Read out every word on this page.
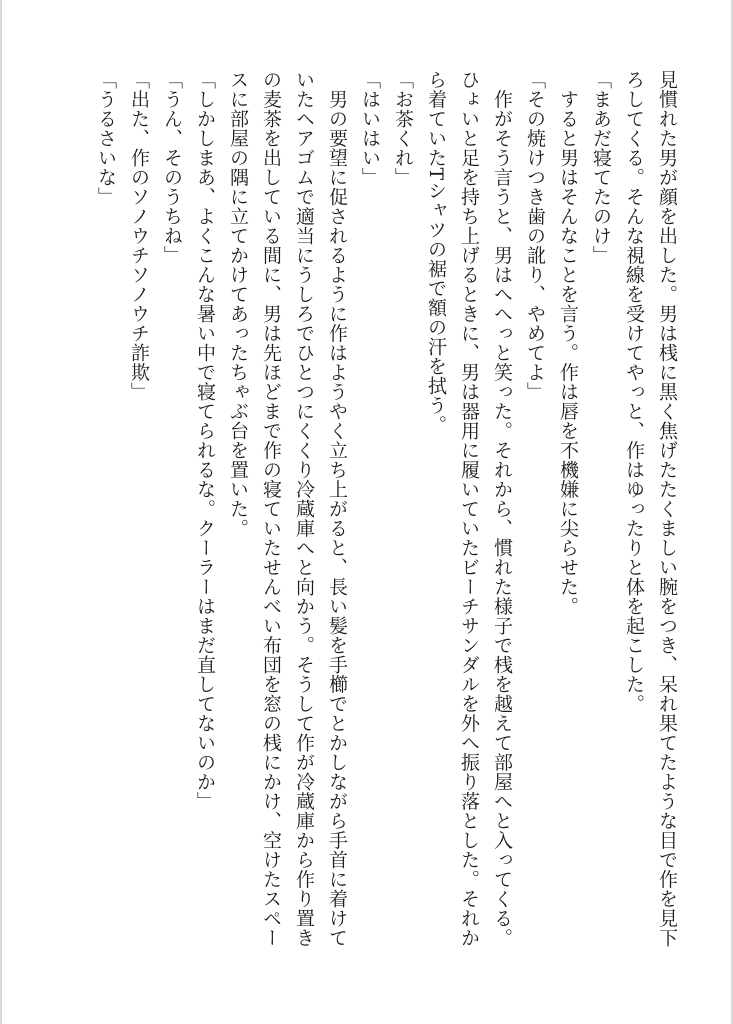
見慣れた男が顔を出した。男は桟に黒く焦げたたくましい腕をつき、呆れ果てたような目で作を見下
ろしてくる。そんな視線を受けてやっと、作はゆったりと体を起こした。
「まあだ寝てたのけ」
　すると男はそんなことを言う。作は唇を不機嫌に尖らせた。
「その焼けつき歯の訛り、やめてよ」
　作がそう言うと、男はへへっと笑った。それから、慣れた様子で桟を越えて部屋へと入ってくる。
ひょいと足を持ち上げるときに、男は器用に履いていたビーチサンダルを外へ振り落とした。それか
ら着ていたTシャツの裾で額の汗を拭う。
「お茶くれ」
「はいはい」
　男の要望に促されるように作はようやく立ち上がると、長い髪を手櫛でとかしながら手首に着けて
いたヘアゴムで適当にうしろでひとつにくくり冷蔵庫へと向かう。そうして作が冷蔵庫から作り置き
の麦茶を出している間に、男は先ほどまで作の寝ていたせんべい布団を窓の桟にかけ、空けたスペー
スに部屋の隅に立てかけてあったちゃぶ台を置いた。
「しかしまあ、よくこんな暑い中で寝てられるな。クーラーはまだ直してないのか」
「うん、そのうちね」
「出た、作のソノウチソノウチ詐欺」
「うるさいな」
